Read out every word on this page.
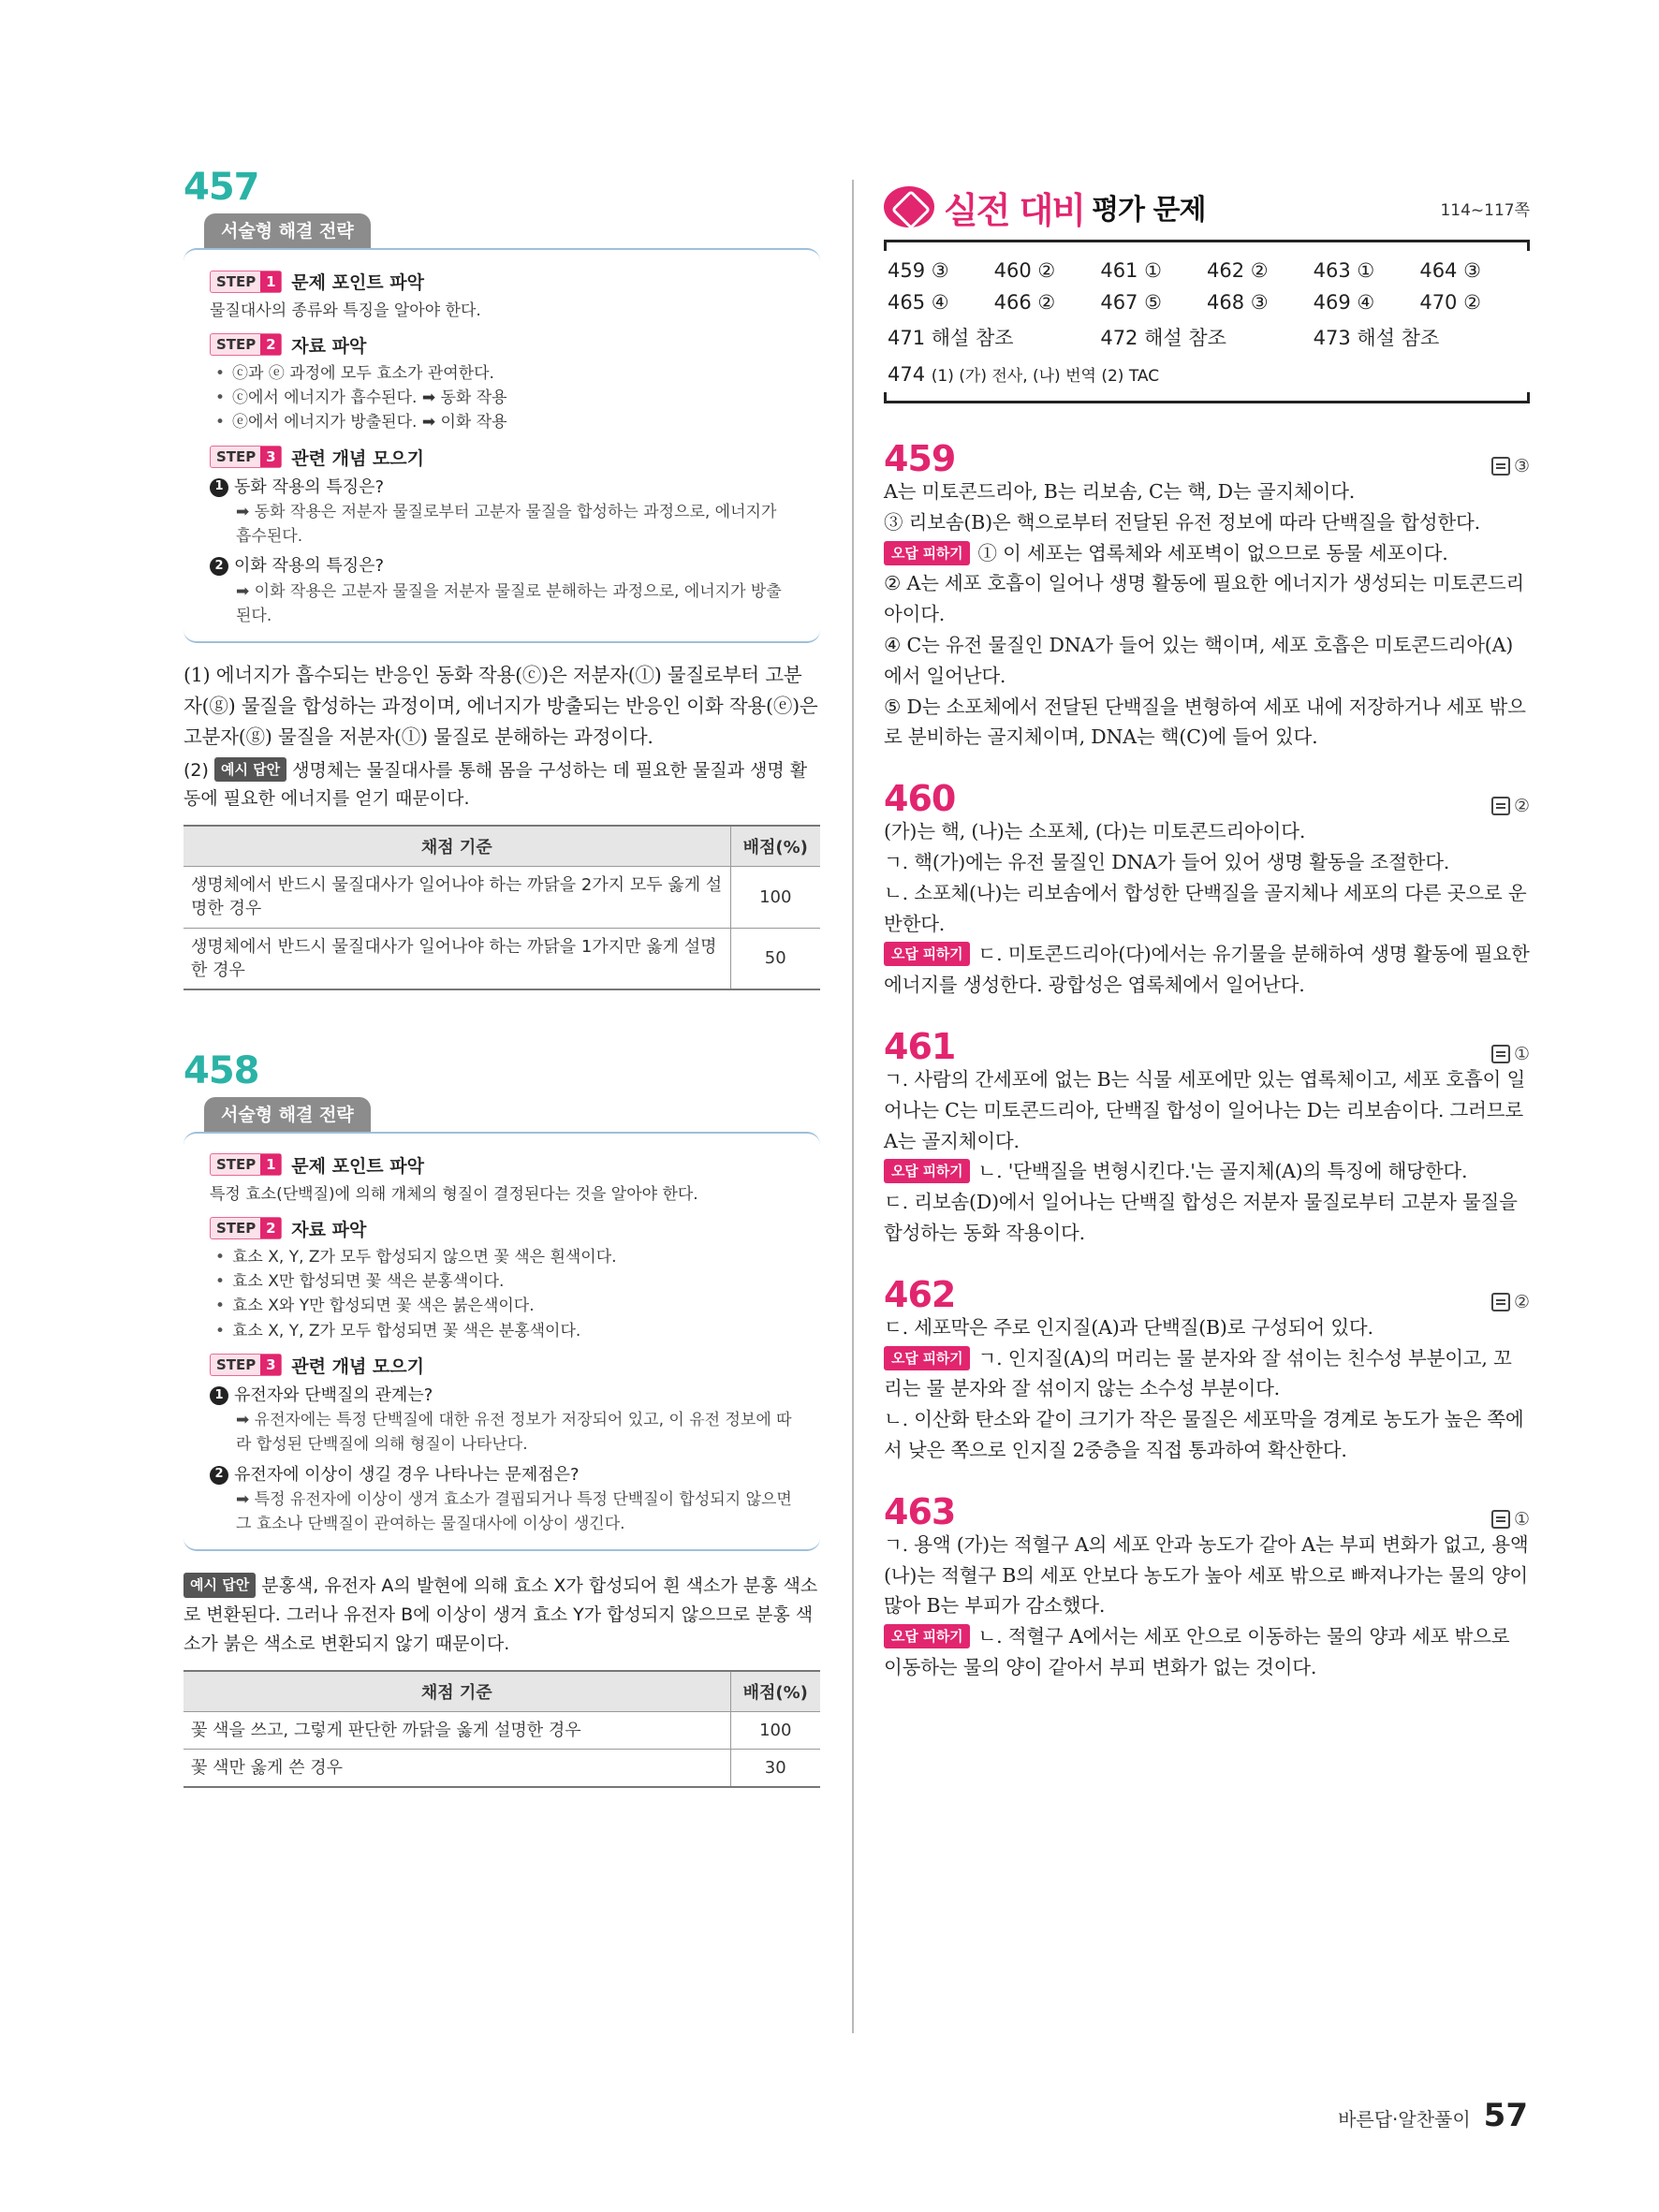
457
서술형 해결 전략
STEP 1 문제 포인트 파악
물질대사의 종류와 특징을 알아야 한다.
STEP 2 자료 파악
• ⓒ과 ⓔ 과정에 모두 효소가 관여한다.
• ⓒ에서 에너지가 흡수된다. ➡ 동화 작용
• ⓔ에서 에너지가 방출된다. ➡ 이화 작용
STEP 3 관련 개념 모으기
1 동화 작용의 특징은?
➡ 동화 작용은 저분자 물질로부터 고분자 물질을 합성하는 과정으로, 에너지가 흡수된다.
2 이화 작용의 특징은?
➡ 이화 작용은 고분자 물질을 저분자 물질로 분해하는 과정으로, 에너지가 방출된다.
(1) 에너지가 흡수되는 반응인 동화 작용(ⓒ)은 저분자(ⓛ) 물질로부터 고분자(ⓖ) 물질을 합성하는 과정이며, 에너지가 방출되는 반응인 이화 작용(ⓔ)은 고분자(ⓖ) 물질을 저분자(ⓛ) 물질로 분해하는 과정이다.
(2) 예시 답안 생명체는 물질대사를 통해 몸을 구성하는 데 필요한 물질과 생명 활동에 필요한 에너지를 얻기 때문이다.
채점 기준	배점(%)
생명체에서 반드시 물질대사가 일어나야 하는 까닭을 2가지 모두 옳게 설명한 경우	100
생명체에서 반드시 물질대사가 일어나야 하는 까닭을 1가지만 옳게 설명한 경우	50
458
서술형 해결 전략
STEP 1 문제 포인트 파악
특정 효소(단백질)에 의해 개체의 형질이 결정된다는 것을 알아야 한다.
STEP 2 자료 파악
• 효소 X, Y, Z가 모두 합성되지 않으면 꽃 색은 흰색이다.
• 효소 X만 합성되면 꽃 색은 분홍색이다.
• 효소 X와 Y만 합성되면 꽃 색은 붉은색이다.
• 효소 X, Y, Z가 모두 합성되면 꽃 색은 분홍색이다.
STEP 3 관련 개념 모으기
1 유전자와 단백질의 관계는?
➡ 유전자에는 특정 단백질에 대한 유전 정보가 저장되어 있고, 이 유전 정보에 따라 합성된 단백질에 의해 형질이 나타난다.
2 유전자에 이상이 생길 경우 나타나는 문제점은?
➡ 특정 유전자에 이상이 생겨 효소가 결핍되거나 특정 단백질이 합성되지 않으면 그 효소나 단백질이 관여하는 물질대사에 이상이 생긴다.
예시 답안 분홍색, 유전자 A의 발현에 의해 효소 X가 합성되어 흰 색소가 분홍 색소로 변환된다. 그러나 유전자 B에 이상이 생겨 효소 Y가 합성되지 않으므로 분홍 색소가 붉은 색소로 변환되지 않기 때문이다.
채점 기준	배점(%)
꽃 색을 쓰고, 그렇게 판단한 까닭을 옳게 설명한 경우	100
꽃 색만 옳게 쓴 경우	30
실전 대비 평가 문제	114~117쪽
459 ③	460 ②	461 ①	462 ②	463 ①	464 ③
465 ④	466 ②	467 ⑤	468 ③	469 ④	470 ②
471 해설 참조	472 해설 참조	473 해설 참조
474 (1) (가) 전사, (나) 번역 (2) TAC
459	③
A는 미토콘드리아, B는 리보솜, C는 핵, D는 골지체이다.
③ 리보솜(B)은 핵으로부터 전달된 유전 정보에 따라 단백질을 합성한다.
오답 피하기 ① 이 세포는 엽록체와 세포벽이 없으므로 동물 세포이다.
② A는 세포 호흡이 일어나 생명 활동에 필요한 에너지가 생성되는 미토콘드리아이다.
④ C는 유전 물질인 DNA가 들어 있는 핵이며, 세포 호흡은 미토콘드리아(A)에서 일어난다.
⑤ D는 소포체에서 전달된 단백질을 변형하여 세포 내에 저장하거나 세포 밖으로 분비하는 골지체이며, DNA는 핵(C)에 들어 있다.
460	②
(가)는 핵, (나)는 소포체, (다)는 미토콘드리아이다.
ㄱ. 핵(가)에는 유전 물질인 DNA가 들어 있어 생명 활동을 조절한다.
ㄴ. 소포체(나)는 리보솜에서 합성한 단백질을 골지체나 세포의 다른 곳으로 운반한다.
오답 피하기 ㄷ. 미토콘드리아(다)에서는 유기물을 분해하여 생명 활동에 필요한 에너지를 생성한다. 광합성은 엽록체에서 일어난다.
461	①
ㄱ. 사람의 간세포에 없는 B는 식물 세포에만 있는 엽록체이고, 세포 호흡이 일어나는 C는 미토콘드리아, 단백질 합성이 일어나는 D는 리보솜이다. 그러므로 A는 골지체이다.
오답 피하기 ㄴ. '단백질을 변형시킨다.'는 골지체(A)의 특징에 해당한다.
ㄷ. 리보솜(D)에서 일어나는 단백질 합성은 저분자 물질로부터 고분자 물질을 합성하는 동화 작용이다.
462	②
ㄷ. 세포막은 주로 인지질(A)과 단백질(B)로 구성되어 있다.
오답 피하기 ㄱ. 인지질(A)의 머리는 물 분자와 잘 섞이는 친수성 부분이고, 꼬리는 물 분자와 잘 섞이지 않는 소수성 부분이다.
ㄴ. 이산화 탄소와 같이 크기가 작은 물질은 세포막을 경계로 농도가 높은 쪽에서 낮은 쪽으로 인지질 2중층을 직접 통과하여 확산한다.
463	①
ㄱ. 용액 (가)는 적혈구 A의 세포 안과 농도가 같아 A는 부피 변화가 없고, 용액 (나)는 적혈구 B의 세포 안보다 농도가 높아 세포 밖으로 빠져나가는 물의 양이 많아 B는 부피가 감소했다.
오답 피하기 ㄴ. 적혈구 A에서는 세포 안으로 이동하는 물의 양과 세포 밖으로 이동하는 물의 양이 같아서 부피 변화가 없는 것이다.
바른답·알찬풀이 57
